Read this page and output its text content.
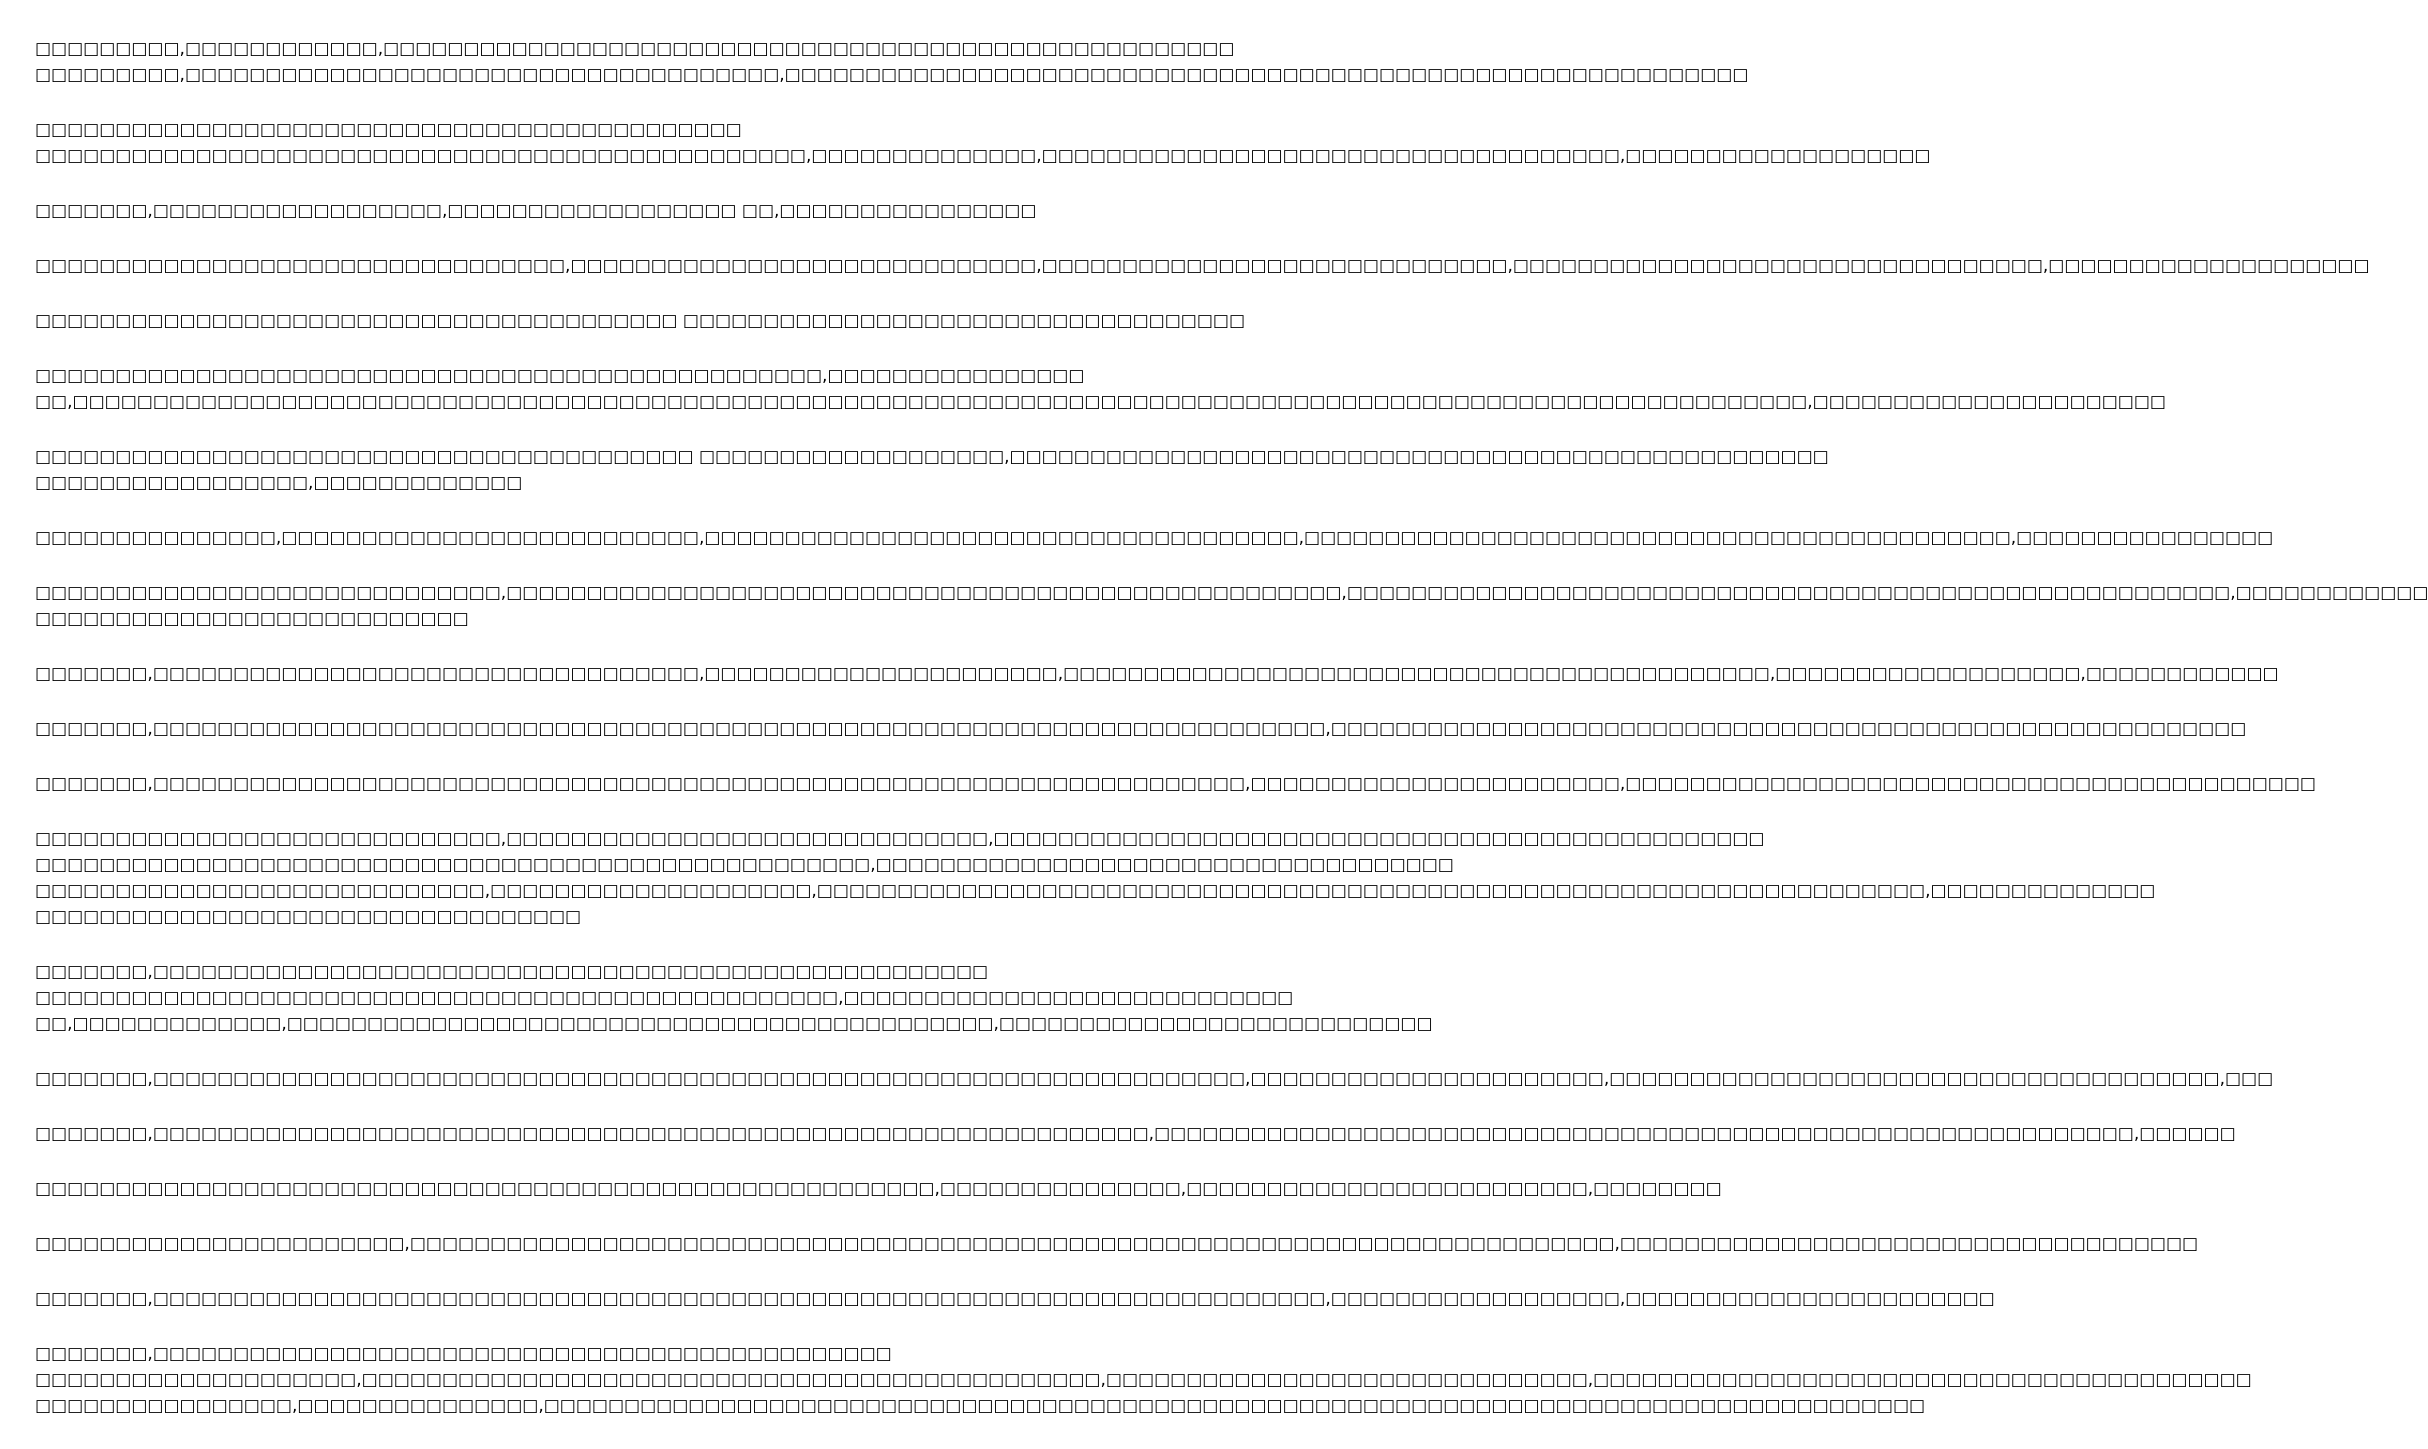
□□□□□□□□□,□□□□□□□□□□□□,□□□□□□□□□□□□□□□□□□□□□□□□□□□□□□□□□□□□□□□□□□□□□□□□□□□□□
□□□□□□□□□,□□□□□□□□□□□□□□□□□□□□□□□□□□□□□□□□□□□□□,□□□□□□□□□□□□□□□□□□□□□□□□□□□□□□□□□□□□□□□□□□□□□□□□□□□□□□□□□□□□
□□□□□□□□□□□□□□□□□□□□□□□□□□□□□□□□□□□□□□□□□□□□
□□□□□□□□□□□□□□□□□□□□□□□□□□□□□□□□□□□□□□□□□□□□□□□□,□□□□□□□□□□□□□□,□□□□□□□□□□□□□□□□□□□□□□□□□□□□□□□□□□□□,□□□□□□□□□□□□□□□□□□□
□□□□□□□,□□□□□□□□□□□□□□□□□□,□□□□□□□□□□□□□□□□□□ □□,□□□□□□□□□□□□□□□□
□□□□□□□□□□□□□□□□□□□□□□□□□□□□□□□□□,□□□□□□□□□□□□□□□□□□□□□□□□□□□□□,□□□□□□□□□□□□□□□□□□□□□□□□□□□□□,□□□□□□□□□□□□□□□□□□□□□□□□□□□□□□□□□,□□□□□□□□□□□□□□□□□□□□
□□□□□□□□□□□□□□□□□□□□□□□□□□□□□□□□□□□□□□□□ □□□□□□□□□□□□□□□□□□□□□□□□□□□□□□□□□□□
□□□□□□□□□□□□□□□□□□□□□□□□□□□□□□□□□□□□□□□□□□□□□□□□□,□□□□□□□□□□□□□□□□
□□,□□□□□□□□□□□□□□□□□□□□□□□□□□□□□□□□□□□□□□□□□□□□□□□□□□□□□□□□□□□□□□□□□□□□□□□□□□□□□□□□□□□□□□□□□□□□□□□□□□□□□□□□□□□□,□□□□□□□□□□□□□□□□□□□□□□
□□□□□□□□□□□□□□□□□□□□□□□□□□□□□□□□□□□□□□□□□ □□□□□□□□□□□□□□□□□□□,□□□□□□□□□□□□□□□□□□□□□□□□□□□□□□□□□□□□□□□□□□□□□□□□□□□
□□□□□□□□□□□□□□□□□,□□□□□□□□□□□□□
□□□□□□□□□□□□□□□,□□□□□□□□□□□□□□□□□□□□□□□□□□,□□□□□□□□□□□□□□□□□□□□□□□□□□□□□□□□□□□□□,□□□□□□□□□□□□□□□□□□□□□□□□□□□□□□□□□□□□□□□□□□□□,□□□□□□□□□□□□□□□□
□□□□□□□□□□□□□□□□□□□□□□□□□□□□□,□□□□□□□□□□□□□□□□□□□□□□□□□□□□□□□□□□□□□□□□□□□□□□□□□□□□,□□□□□□□□□□□□□□□□□□□□□□□□□□□□□□□□□□□□□□□□□□□□□□□□□□□□□□□,□□□□□□□□□□□□
□□□□□□□□□□□□□□□□□□□□□□□□□□□
□□□□□□□,□□□□□□□□□□□□□□□□□□□□□□□□□□□□□□□□□□,□□□□□□□□□□□□□□□□□□□□□□,□□□□□□□□□□□□□□□□□□□□□□□□□□□□□□□□□□□□□□□□□□□□,□□□□□□□□□□□□□□□□□□□,□□□□□□□□□□□□
□□□□□□□,□□□□□□□□□□□□□□□□□□□□□□□□□□□□□□□□□□□□□□□□□□□□□□□□□□□□□□□□□□□□□□□□□□□□□□□□□,□□□□□□□□□□□□□□□□□□□□□□□□□□□□□□□□□□□□□□□□□□□□□□□□□□□□□□□□□
□□□□□□□,□□□□□□□□□□□□□□□□□□□□□□□□□□□□□□□□□□□□□□□□□□□□□□□□□□□□□□□□□□□□□□□□□□□□,□□□□□□□□□□□□□□□□□□□□□□□,□□□□□□□□□□□□□□□□□□□□□□□□□□□□□□□□□□□□□□□□□□□
□□□□□□□□□□□□□□□□□□□□□□□□□□□□□,□□□□□□□□□□□□□□□□□□□□□□□□□□□□□□,□□□□□□□□□□□□□□□□□□□□□□□□□□□□□□□□□□□□□□□□□□□□□□□□
□□□□□□□□□□□□□□□□□□□□□□□□□□□□□□□□□□□□□□□□□□□□□□□□□□□□,□□□□□□□□□□□□□□□□□□□□□□□□□□□□□□□□□□□□
□□□□□□□□□□□□□□□□□□□□□□□□□□□□,□□□□□□□□□□□□□□□□□□□□,□□□□□□□□□□□□□□□□□□□□□□□□□□□□□□□□□□□□□□□□□□□□□□□□□□□□□□□□□□□□□□□□□□□□□,□□□□□□□□□□□□□□
□□□□□□□□□□□□□□□□□□□□□□□□□□□□□□□□□□
□□□□□□□,□□□□□□□□□□□□□□□□□□□□□□□□□□□□□□□□□□□□□□□□□□□□□□□□□□□□
□□□□□□□□□□□□□□□□□□□□□□□□□□□□□□□□□□□□□□□□□□□□□□□□□□,□□□□□□□□□□□□□□□□□□□□□□□□□□□□
□□,□□□□□□□□□□□□□,□□□□□□□□□□□□□□□□□□□□□□□□□□□□□□□□□□□□□□□□□□□□,□□□□□□□□□□□□□□□□□□□□□□□□□□□
□□□□□□□,□□□□□□□□□□□□□□□□□□□□□□□□□□□□□□□□□□□□□□□□□□□□□□□□□□□□□□□□□□□□□□□□□□□□,□□□□□□□□□□□□□□□□□□□□□□,□□□□□□□□□□□□□□□□□□□□□□□□□□□□□□□□□□□□□□,□□□
□□□□□□□,□□□□□□□□□□□□□□□□□□□□□□□□□□□□□□□□□□□□□□□□□□□□□□□□□□□□□□□□□□□□□□,□□□□□□□□□□□□□□□□□□□□□□□□□□□□□□□□□□□□□□□□□□□□□□□□□□□□□□□□□□□□□,□□□□□□
□□□□□□□□□□□□□□□□□□□□□□□□□□□□□□□□□□□□□□□□□□□□□□□□□□□□□□□□,□□□□□□□□□□□□□□□,□□□□□□□□□□□□□□□□□□□□□□□□□,□□□□□□□□
□□□□□□□□□□□□□□□□□□□□□□□,□□□□□□□□□□□□□□□□□□□□□□□□□□□□□□□□□□□□□□□□□□□□□□□□□□□□□□□□□□□□□□□□□□□□□□□□□□□,□□□□□□□□□□□□□□□□□□□□□□□□□□□□□□□□□□□□
□□□□□□□,□□□□□□□□□□□□□□□□□□□□□□□□□□□□□□□□□□□□□□□□□□□□□□□□□□□□□□□□□□□□□□□□□□□□□□□□□,□□□□□□□□□□□□□□□□□□,□□□□□□□□□□□□□□□□□□□□□□□
□□□□□□□,□□□□□□□□□□□□□□□□□□□□□□□□□□□□□□□□□□□□□□□□□□□□□□
□□□□□□□□□□□□□□□□□□□□,□□□□□□□□□□□□□□□□□□□□□□□□□□□□□□□□□□□□□□□□□□□□□□,□□□□□□□□□□□□□□□□□□□□□□□□□□□□□□,□□□□□□□□□□□□□□□□□□□□□□□□□□□□□□□□□□□□□□□□□
□□□□□□□□□□□□□□□□,□□□□□□□□□□□□□□□,□□□□□□□□□□□□□□□□□□□□□□□□□□□□□□□□□□□□□□□□□□□□□□□□□□□□□□□□□□□□□□□□□□□□□□□□□□□□□□□□□□□□□□
